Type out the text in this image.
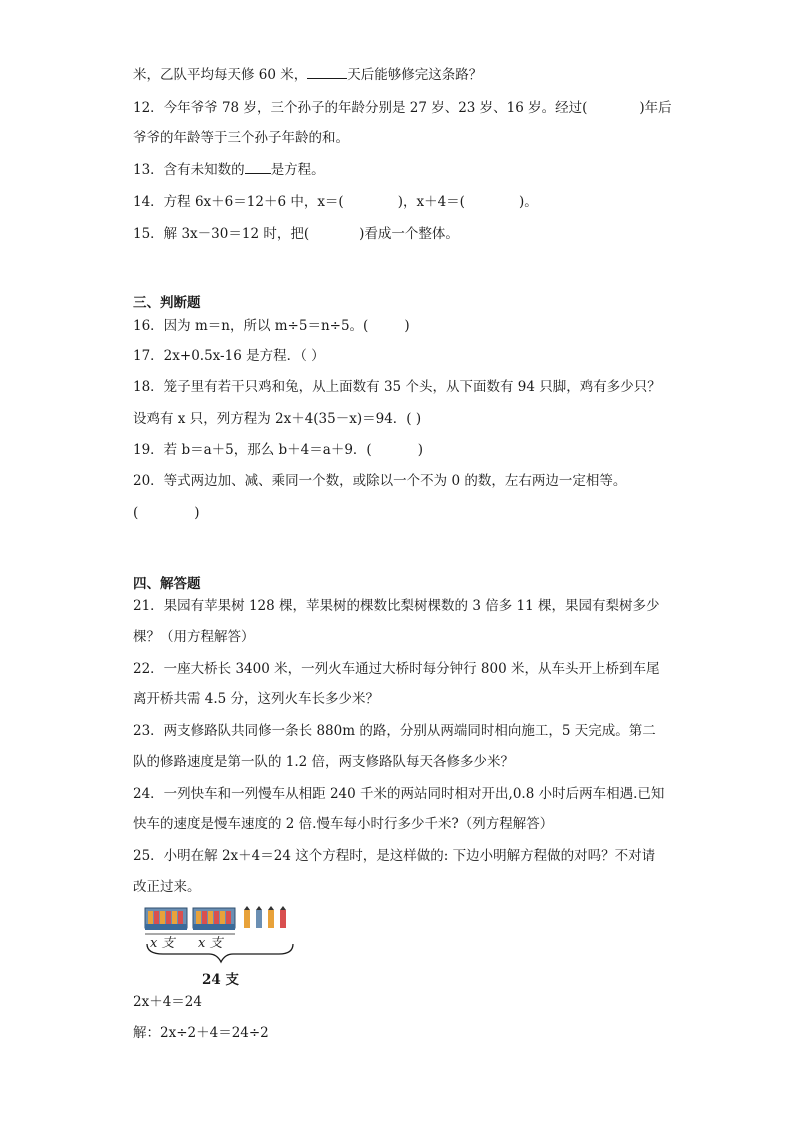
米，乙队平均每天修 60 米，	天后能够修完这条路？
12．今年爷爷 78 岁，三个孙子的年龄分别是 27 岁、23 岁、16 岁。经过(	)年后
爷爷的年龄等于三个孙子年龄的和。
13．含有未知数的 是方程。
14．方程 6x＋6＝12＋6 中，x＝(	)，x＋4＝(	)。
15．解 3x－30＝12 时，把(	)看成一个整体。
三、判断题
16．因为 m＝n，所以 m÷5＝n÷5。(	)
17．2x+0.5x-16 是方程．（ ）
18．笼子里有若干只鸡和兔，从上面数有 35 个头，从下面数有 94 只脚，鸡有多少只？
设鸡有 x 只，列方程为 2x＋4(35－x)＝94．( )
19．若 b＝a＋5，那么 b＋4＝a＋9．(	)
20．等式两边加、减、乘同一个数，或除以一个不为 0 的数，左右两边一定相等。
(	)
四、解答题
21．果园有苹果树 128 棵，苹果树的棵数比梨树棵数的 3 倍多 11 棵，果园有梨树多少
棵？（用方程解答）
22．一座大桥长 3400 米，一列火车通过大桥时每分钟行 800 米，从车头开上桥到车尾
离开桥共需 4.5 分，这列火车长多少米？
23．两支修路队共同修一条长 880m 的路，分别从两端同时相向施工，5 天完成。第二
队的修路速度是第一队的 1.2 倍，两支修路队每天各修多少米？
24．一列快车和一列慢车从相距 240 千米的两站同时相对开出,0.8 小时后两车相遇.已知
快车的速度是慢车速度的 2 倍.慢车每小时行多少千米?（列方程解答）
25．小明在解 2x＋4＝24 这个方程时，是这样做的: 下边小明解方程做的对吗？不对请
改正过来。
x 支 x 支
24 支
2x＋4＝24
解：2x÷2＋4＝24÷2
